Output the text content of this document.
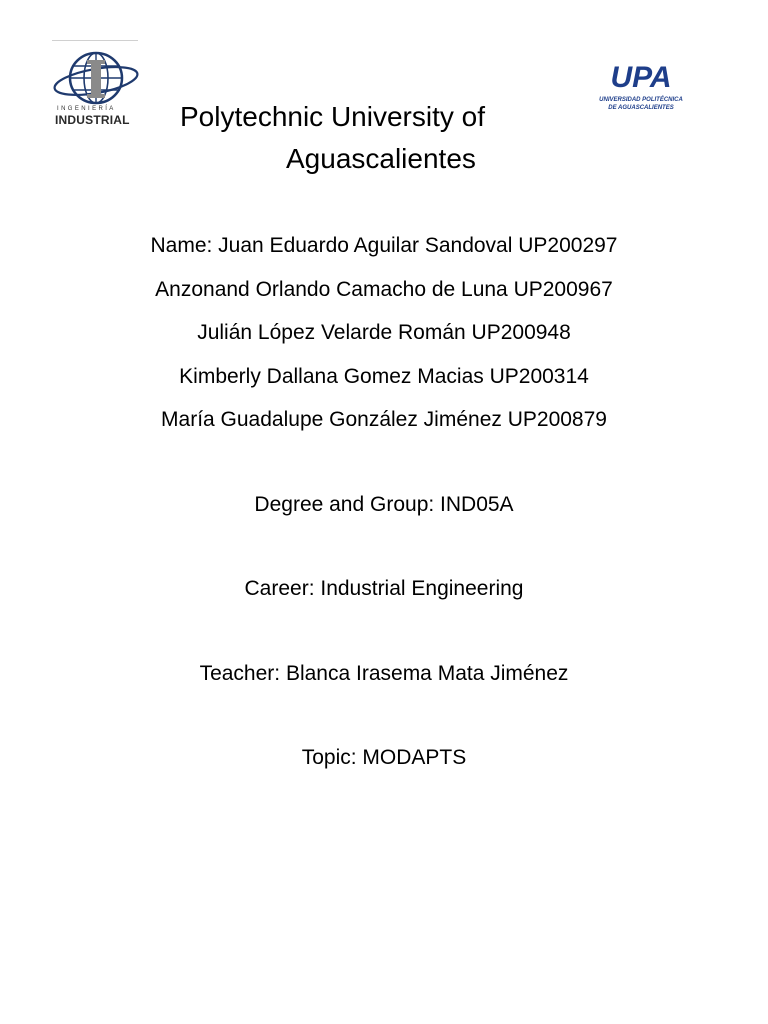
INGENIERÍA
INDUSTRIAL
UPA
UNIVERSIDAD POLITÉCNICA
DE AGUASCALIENTES
Polytechnic University of
Aguascalientes
Name: Juan Eduardo Aguilar Sandoval UP200297
Anzonand Orlando Camacho de Luna UP200967
Julián López Velarde Román UP200948
Kimberly Dallana Gomez Macias UP200314
María Guadalupe González Jiménez UP200879
Degree and Group: IND05A
Career: Industrial Engineering
Teacher: Blanca Irasema Mata Jiménez
Topic: MODAPTS
